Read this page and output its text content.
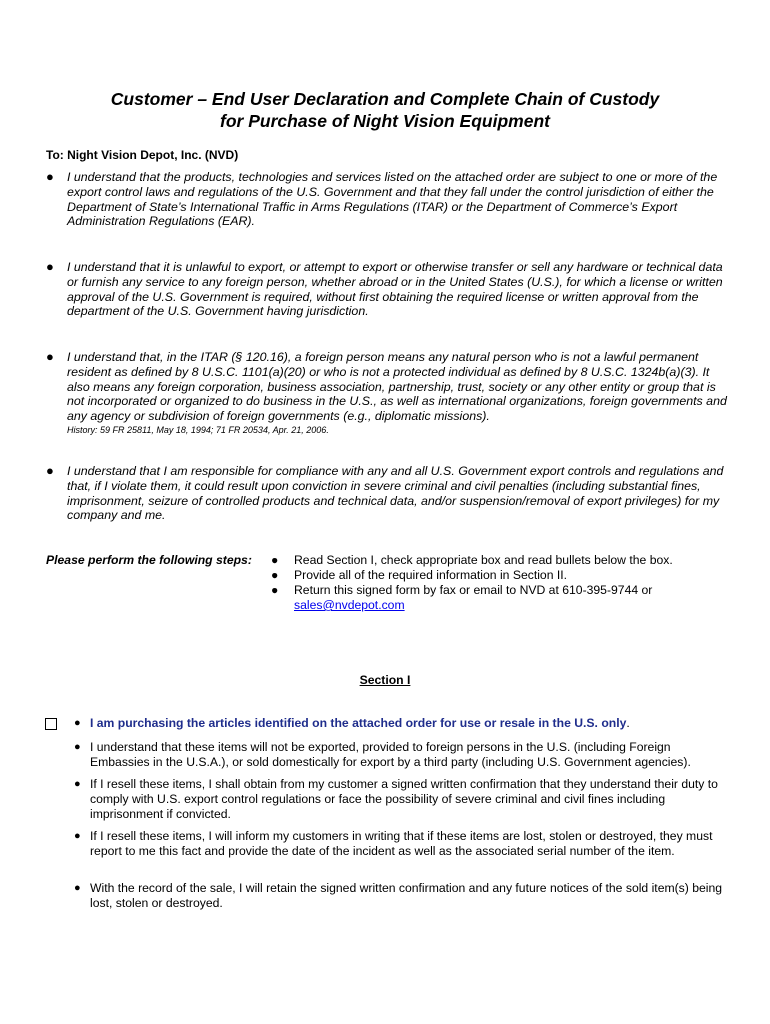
Customer – End User Declaration and Complete Chain of Custody
for Purchase of Night Vision Equipment
To: Night Vision Depot, Inc. (NVD)
● I understand that the products, technologies and services listed on the attached order are subject to one or more of the export control laws and regulations of the U.S. Government and that they fall under the control jurisdiction of either the Department of State’s International Traffic in Arms Regulations (ITAR) or the Department of Commerce’s Export Administration Regulations (EAR).
● I understand that it is unlawful to export, or attempt to export or otherwise transfer or sell any hardware or technical data or furnish any service to any foreign person, whether abroad or in the United States (U.S.), for which a license or written approval of the U.S. Government is required, without first obtaining the required license or written approval from the department of the U.S. Government having jurisdiction.
● I understand that, in the ITAR (§ 120.16), a foreign person means any natural person who is not a lawful permanent resident as defined by 8 U.S.C. 1101(a)(20) or who is not a protected individual as defined by 8 U.S.C. 1324b(a)(3). It also means any foreign corporation, business association, partnership, trust, society or any other entity or group that is not incorporated or organized to do business in the U.S., as well as international organizations, foreign governments and any agency or subdivision of foreign governments (e.g., diplomatic missions).
History: 59 FR 25811, May 18, 1994; 71 FR 20534, Apr. 21, 2006.
● I understand that I am responsible for compliance with any and all U.S. Government export controls and regulations and that, if I violate them, it could result upon conviction in severe criminal and civil penalties (including substantial fines, imprisonment, seizure of controlled products and technical data, and/or suspension/removal of export privileges) for my company and me.
Please perform the following steps: ● Read Section I, check appropriate box and read bullets below the box.
● Provide all of the required information in Section II.
● Return this signed form by fax or email to NVD at 610-395-9744 or
sales@nvdepot.com
Section I
● I am purchasing the articles identified on the attached order for use or resale in the U.S. only.
● I understand that these items will not be exported, provided to foreign persons in the U.S. (including Foreign Embassies in the U.S.A.), or sold domestically for export by a third party (including U.S. Government agencies).
● If I resell these items, I shall obtain from my customer a signed written confirmation that they understand their duty to comply with U.S. export control regulations or face the possibility of severe criminal and civil fines including imprisonment if convicted.
● If I resell these items, I will inform my customers in writing that if these items are lost, stolen or destroyed, they must report to me this fact and provide the date of the incident as well as the associated serial number of the item.
● With the record of the sale, I will retain the signed written confirmation and any future notices of the sold item(s) being lost, stolen or destroyed.
